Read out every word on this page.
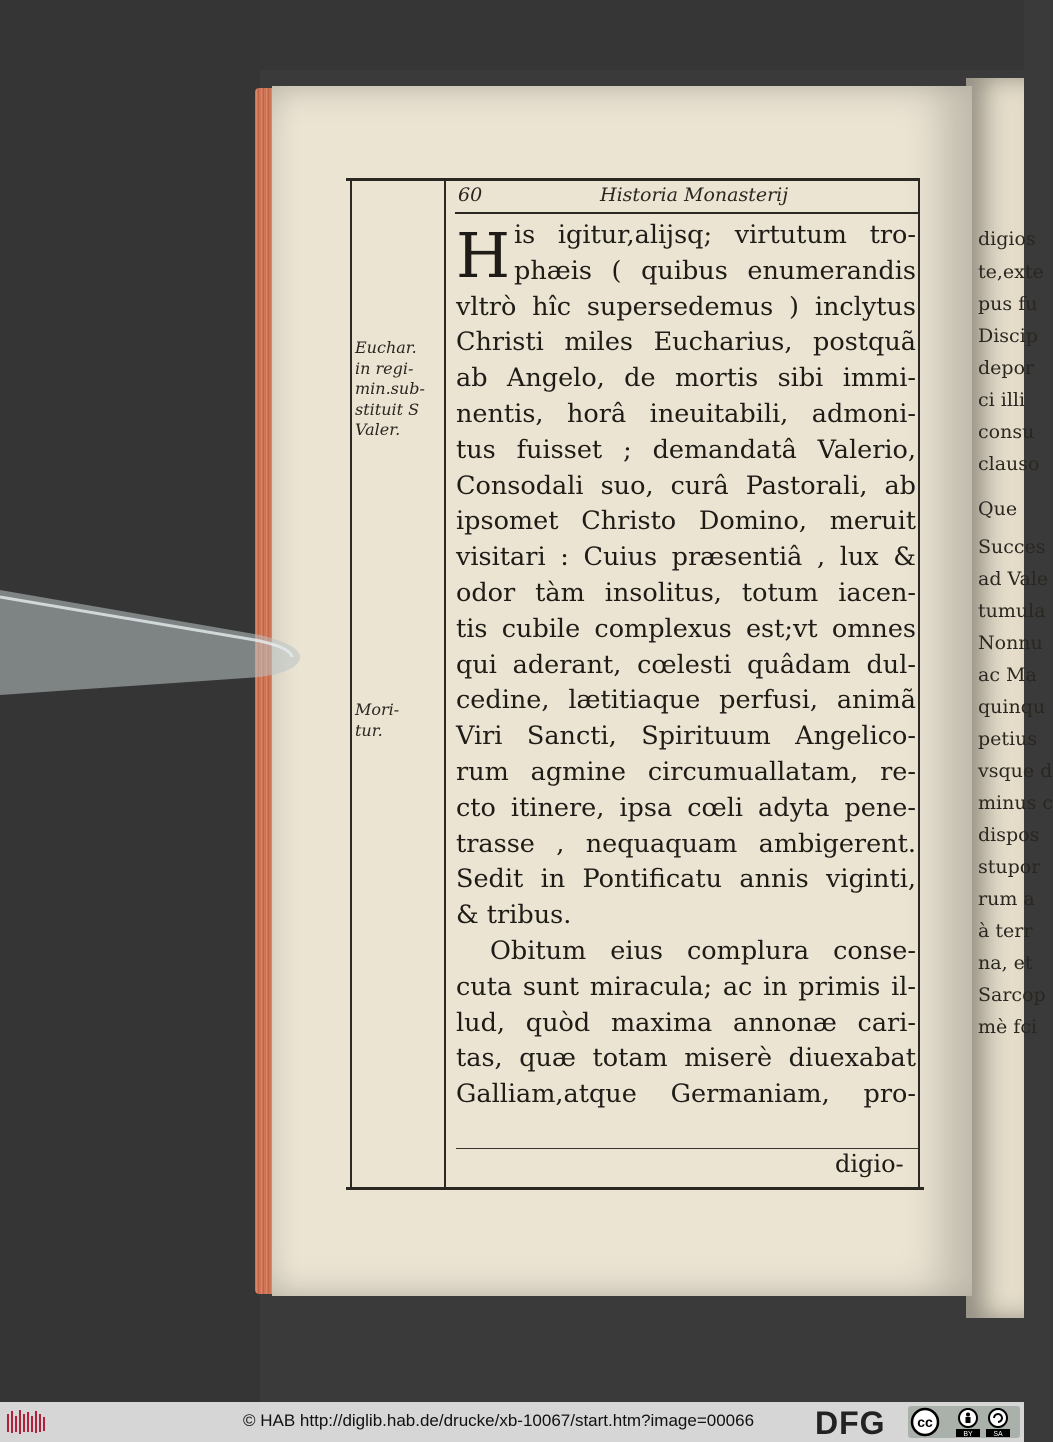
digios
te,exte
pus fu
Discip
depor
ci illi
consu
clauso
Que
Succes
ad Vale
tumula
Nonnu
ac Ma
quinqu
petius
vsque d
minus c
dispos
stupor
rum a
à terr
na, et
Sarcop
mè fci
60	Historia Monasterij
H is igitur,alijsq; virtutum tro-
phæis ( quibus enumerandis
vltrò hîc supersedemus ) inclytus
Christi miles Eucharius, postquã
ab Angelo, de mortis sibi immi-
nentis, horâ ineuitabili, admoni-
tus fuisset ; demandatâ Valerio,
Consodali suo, curâ Pastorali, ab
ipsomet Christo Domino, meruit
visitari : Cuius præsentiâ , lux &
odor tàm insolitus, totum iacen-
tis cubile complexus est;vt omnes
qui aderant, cœlesti quâdam dul-
cedine, lætitiaque perfusi, animã
Viri Sancti, Spirituum Angelico-
rum agmine circumuallatam, re-
cto itinere, ipsa cœli adyta pene-
trasse , nequaquam ambigerent.
Sedit in Pontificatu annis viginti,
& tribus.
Obitum eius complura conse-
cuta sunt miracula; ac in primis il-
lud, quòd maxima annonæ cari-
tas, quæ totam miserè diuexabat
Galliam,atque Germaniam, pro-
Euchar.
in regi-
min.sub-
stituit S
Valer.
Mori-
tur.
digio-
© HAB http://diglib.hab.de/drucke/xb-10067/start.htm?image=00066 DFG cc
BY	SA
